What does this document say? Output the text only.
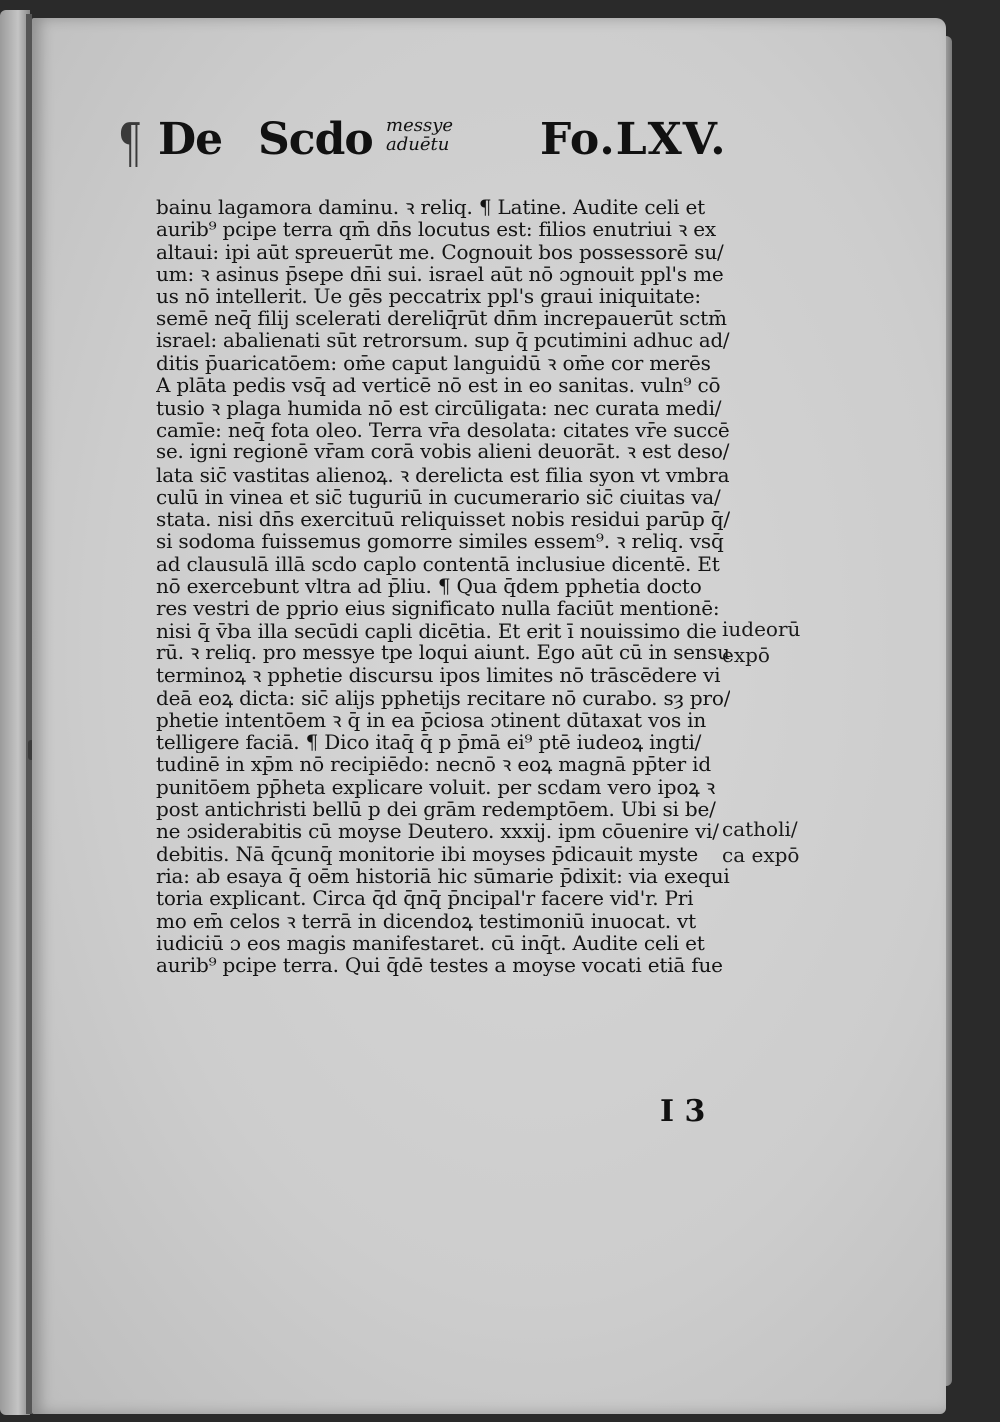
¶ De Scdo messye
aduētu Fo.LXV.
bainu lagamora daminu. ꝛ reliq. ¶ Latine. Audite celi et
aurib⁹ pcipe terra qm̄ dn̄s locutus est: filios enutriui ꝛ ex
altaui: ipi aūt spreuerūt me. Cognouit bos possessorē su/
um: ꝛ asinus p̄sepe dn̄i sui. israel aūt nō ɔgnouit ppl's me
us nō intellerit. Ue gēs peccatrix ppl's graui iniquitate:
semē neq̄ filij scelerati dereliq̄rūt dn̄m increpauerūt sctm̄
israel: abalienati sūt retrorsum. sup q̄ pcutimini adhuc ad/
ditis p̄uaricatōem: om̄e caput languidū ꝛ om̄e cor merēs
A plāta pedis vsq̄ ad verticē nō est in eo sanitas. vuln⁹ cō
tusio ꝛ plaga humida nō est circūligata: nec curata medi/
camīe: neq̄ fota oleo. Terra vr̄a desolata: citates vr̄e succē
se. igni regionē vr̄am corā vobis alieni deuorāt. ꝛ est deso/
lata sic̄ vastitas alienoꝝ. ꝛ derelicta est filia syon vt vmbra
culū in vinea et sic̄ tuguriū in cucumerario sic̄ ciuitas va/
stata. nisi dn̄s exercituū reliquisset nobis residui parūp q̄/
si sodoma fuissemus gomorre similes essem⁹. ꝛ reliq. vsq̄
ad clausulā illā scdo caplo contentā inclusiue dicentē. Et
nō exercebunt vltra ad p̄liu. ¶ Qua q̄dem pphetia docto
res vestri de pprio eius significato nulla faciūt mentionē:
nisi q̄ v̄ba illa secūdi capli dicētia. Et erit ī nouissimo die
rū. ꝛ reliq. pro messye tpe loqui aiunt. Ego aūt cū in sensu
terminoꝝ ꝛ pphetie discursu ipos limites nō trāscēdere vi
deā eoꝝ dicta: sic̄ alijs pphetijs recitare nō curabo. sȝ pro/
phetie intentōem ꝛ q̄ in ea p̄ciosa ɔtinent dūtaxat vos in
telligere faciā. ¶ Dico itaq̄ q̄ p p̄mā ei⁹ ptē iudeoꝝ ingti/
tudinē in xp̄m nō recipiēdo: necnō ꝛ eoꝝ magnā pp̄ter id
punitōem pp̄heta explicare voluit. per scdam vero ipoꝝ ꝛ
post antichristi bellū p dei grām redemptōem. Ubi si be/
ne ɔsiderabitis cū moyse Deutero. xxxij. ipm cōuenire vi/
debitis. Nā q̄cunq̄ monitorie ibi moyses p̄dicauit myste
ria: ab esaya q̄ oēm historiā hic sūmarie p̄dixit: via exequi
toria explicant. Circa q̄d q̄nq̄ p̄ncipal'r facere vid'r. Pri
mo em̄ celos ꝛ terrā in dicendoꝝ testimoniū inuocat. vt
iudiciū ɔ eos magis manifestaret. cū inq̄t. Audite celi et
aurib⁹ pcipe terra. Qui q̄dē testes a moyse vocati etiā fue
iudeorū
expō
catholi/
ca expō
I 3
